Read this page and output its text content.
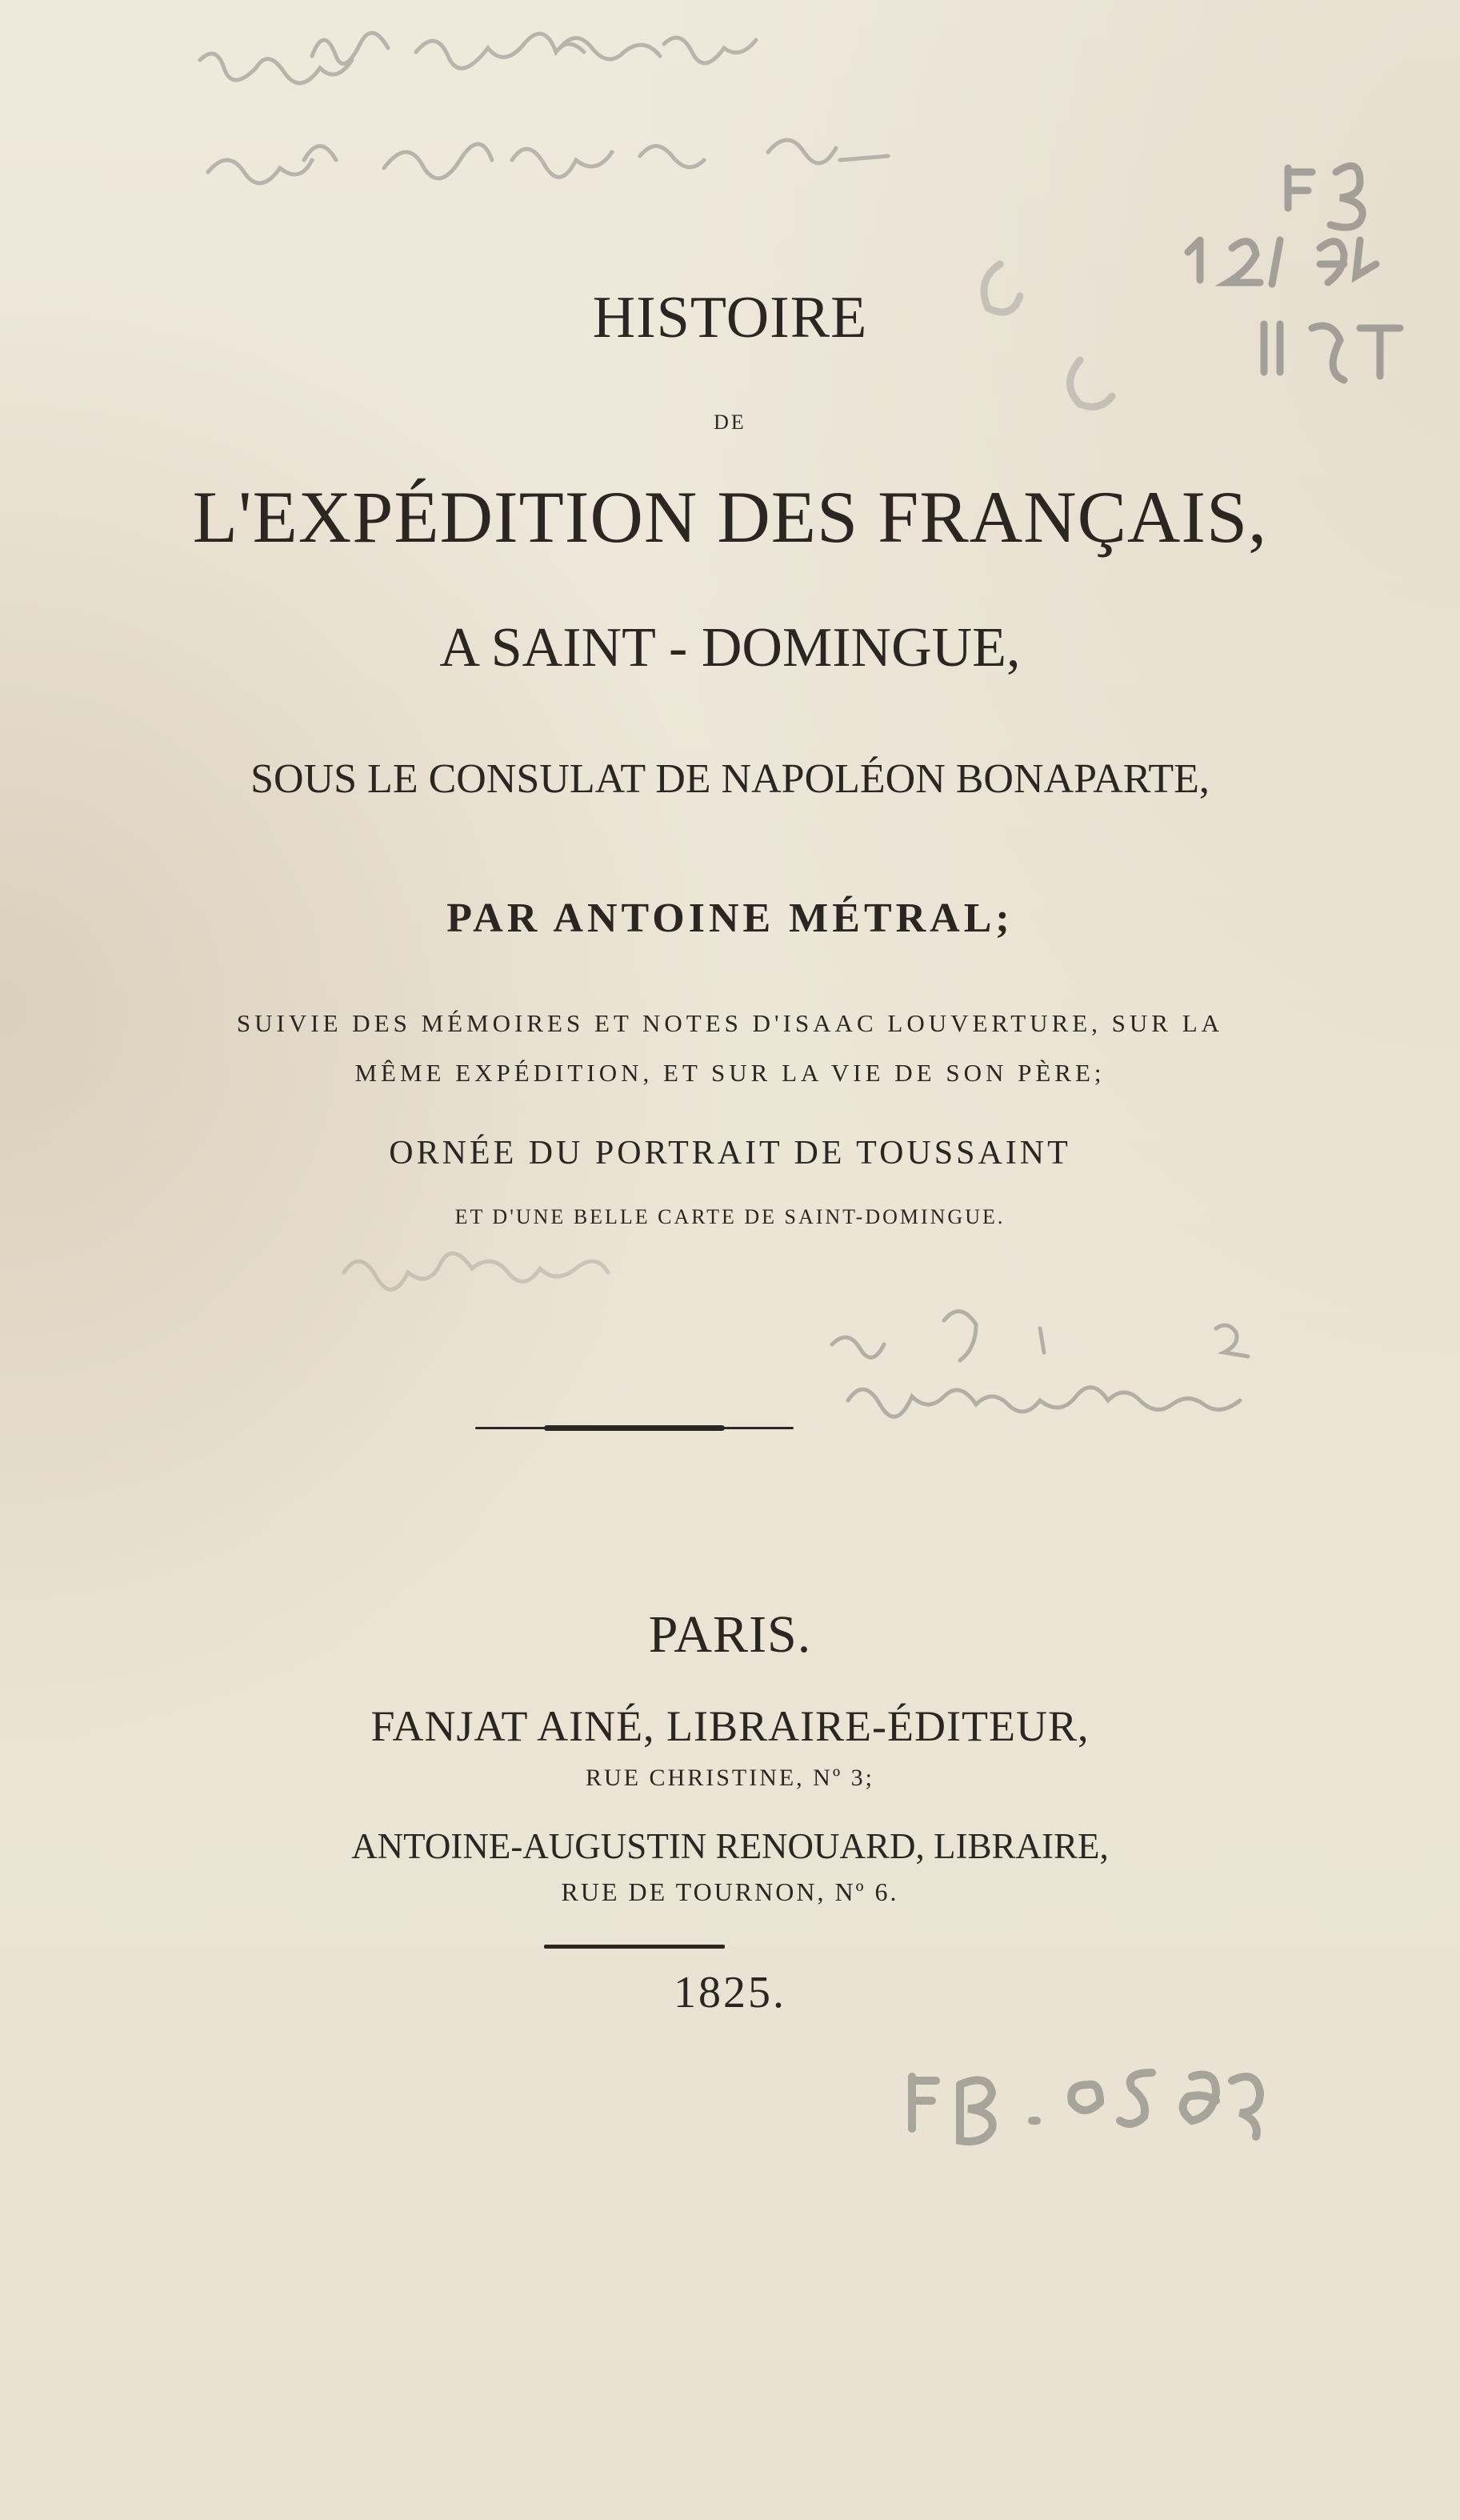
HISTOIRE
DE
L'EXPÉDITION DES FRANÇAIS,
A SAINT - DOMINGUE,
SOUS LE CONSULAT DE NAPOLÉON BONAPARTE,
PAR ANTOINE MÉTRAL;
SUIVIE DES MÉMOIRES ET NOTES D'ISAAC LOUVERTURE, SUR LA
MÊME EXPÉDITION, ET SUR LA VIE DE SON PÈRE;
ORNÉE DU PORTRAIT DE TOUSSAINT
ET D'UNE BELLE CARTE DE SAINT-DOMINGUE.
PARIS.
FANJAT AINÉ, LIBRAIRE-ÉDITEUR,
RUE CHRISTINE, Nº 3;
ANTOINE-AUGUSTIN RENOUARD, LIBRAIRE,
RUE DE TOURNON, Nº 6.
1825.
